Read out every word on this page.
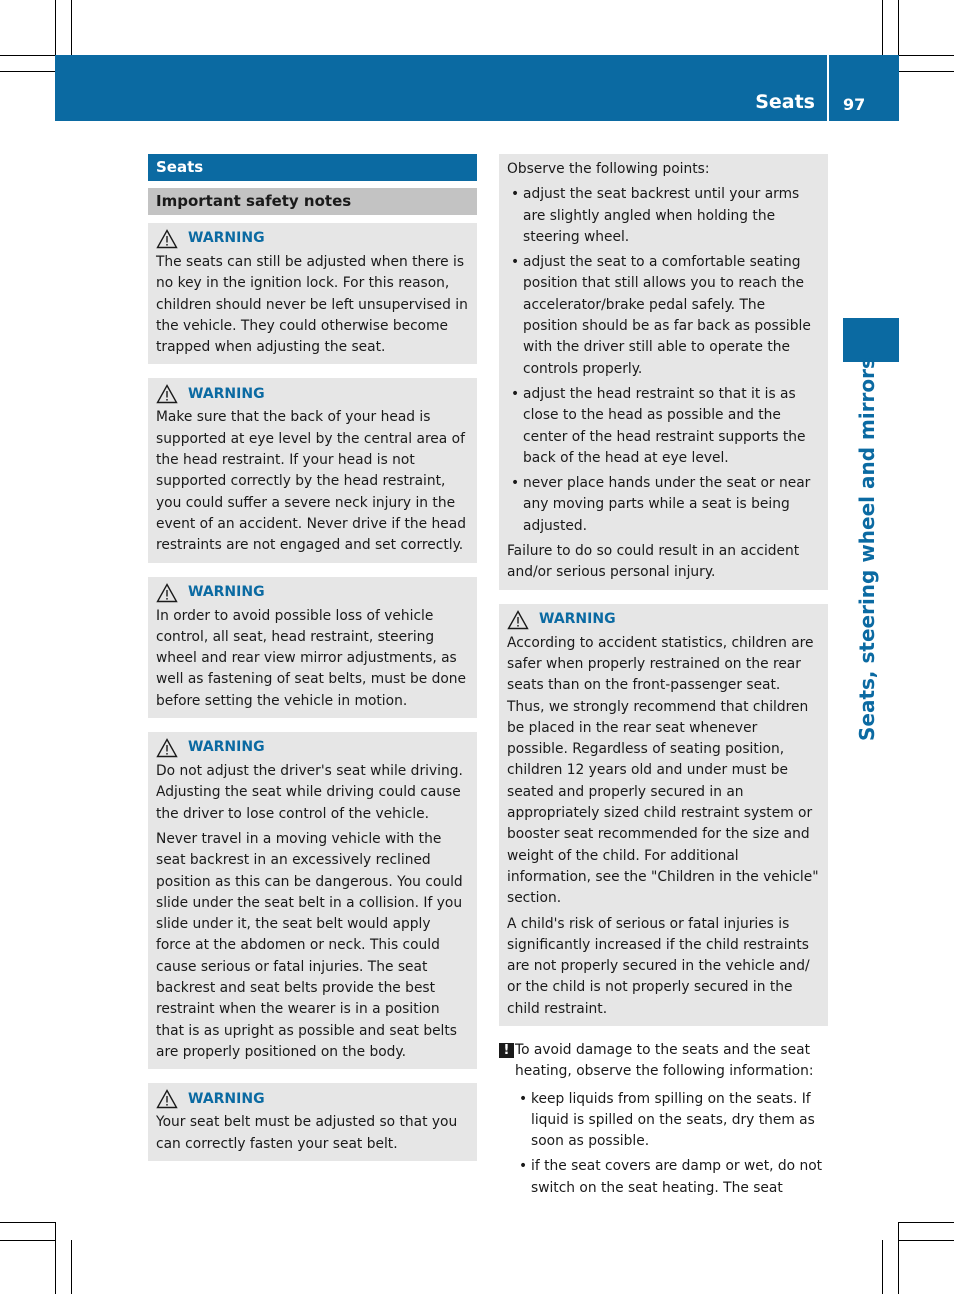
Seats 97
Seats, steering wheel and mirrors
Seats
Important safety notes
WARNING

The seats can still be adjusted when there is no key in the ignition lock. For this reason, children should never be left unsupervised in the vehicle. They could otherwise become trapped when adjusting the seat.

WARNING

Make sure that the back of your head is supported at eye level by the central area of the head restraint. If your head is not supported correctly by the head restraint, you could suffer a severe neck injury in the event of an accident. Never drive if the head restraints are not engaged and set correctly.

WARNING

In order to avoid possible loss of vehicle control, all seat, head restraint, steering wheel and rear view mirror adjustments, as well as fastening of seat belts, must be done before setting the vehicle in motion.

WARNING

Do not adjust the driver's seat while driving. Adjusting the seat while driving could cause the driver to lose control of the vehicle.

Never travel in a moving vehicle with the seat backrest in an excessively reclined position as this can be dangerous. You could slide under the seat belt in a collision. If you slide under it, the seat belt would apply force at the abdomen or neck. This could cause serious or fatal injuries. The seat backrest and seat belts provide the best restraint when the wearer is in a position that is as upright as possible and seat belts are properly positioned on the body.

WARNING

Your seat belt must be adjusted so that you can correctly fasten your seat belt.

Observe the following points:

• adjust the seat backrest until your arms are slightly angled when holding the steering wheel.
• adjust the seat to a comfortable seating position that still allows you to reach the accelerator/brake pedal safely. The position should be as far back as possible with the driver still able to operate the controls properly.
• adjust the head restraint so that it is as close to the head as possible and the center of the head restraint supports the back of the head at eye level.
• never place hands under the seat or near any moving parts while a seat is being adjusted.

Failure to do so could result in an accident and/or serious personal injury.

WARNING

According to accident statistics, children are safer when properly restrained on the rear seats than on the front-passenger seat. Thus, we strongly recommend that children be placed in the rear seat whenever possible. Regardless of seating position, children 12 years old and under must be seated and properly secured in an appropriately sized child restraint system or booster seat recommended for the size and weight of the child. For additional information, see the "Children in the vehicle" section.

A child's risk of serious or fatal injuries is significantly increased if the child restraints are not properly secured in the vehicle and/ or the child is not properly secured in the child restraint.

! To avoid damage to the seats and the seat heating, observe the following information:
• keep liquids from spilling on the seats. If liquid is spilled on the seats, dry them as soon as possible.
• if the seat covers are damp or wet, do not switch on the seat heating. The seat
